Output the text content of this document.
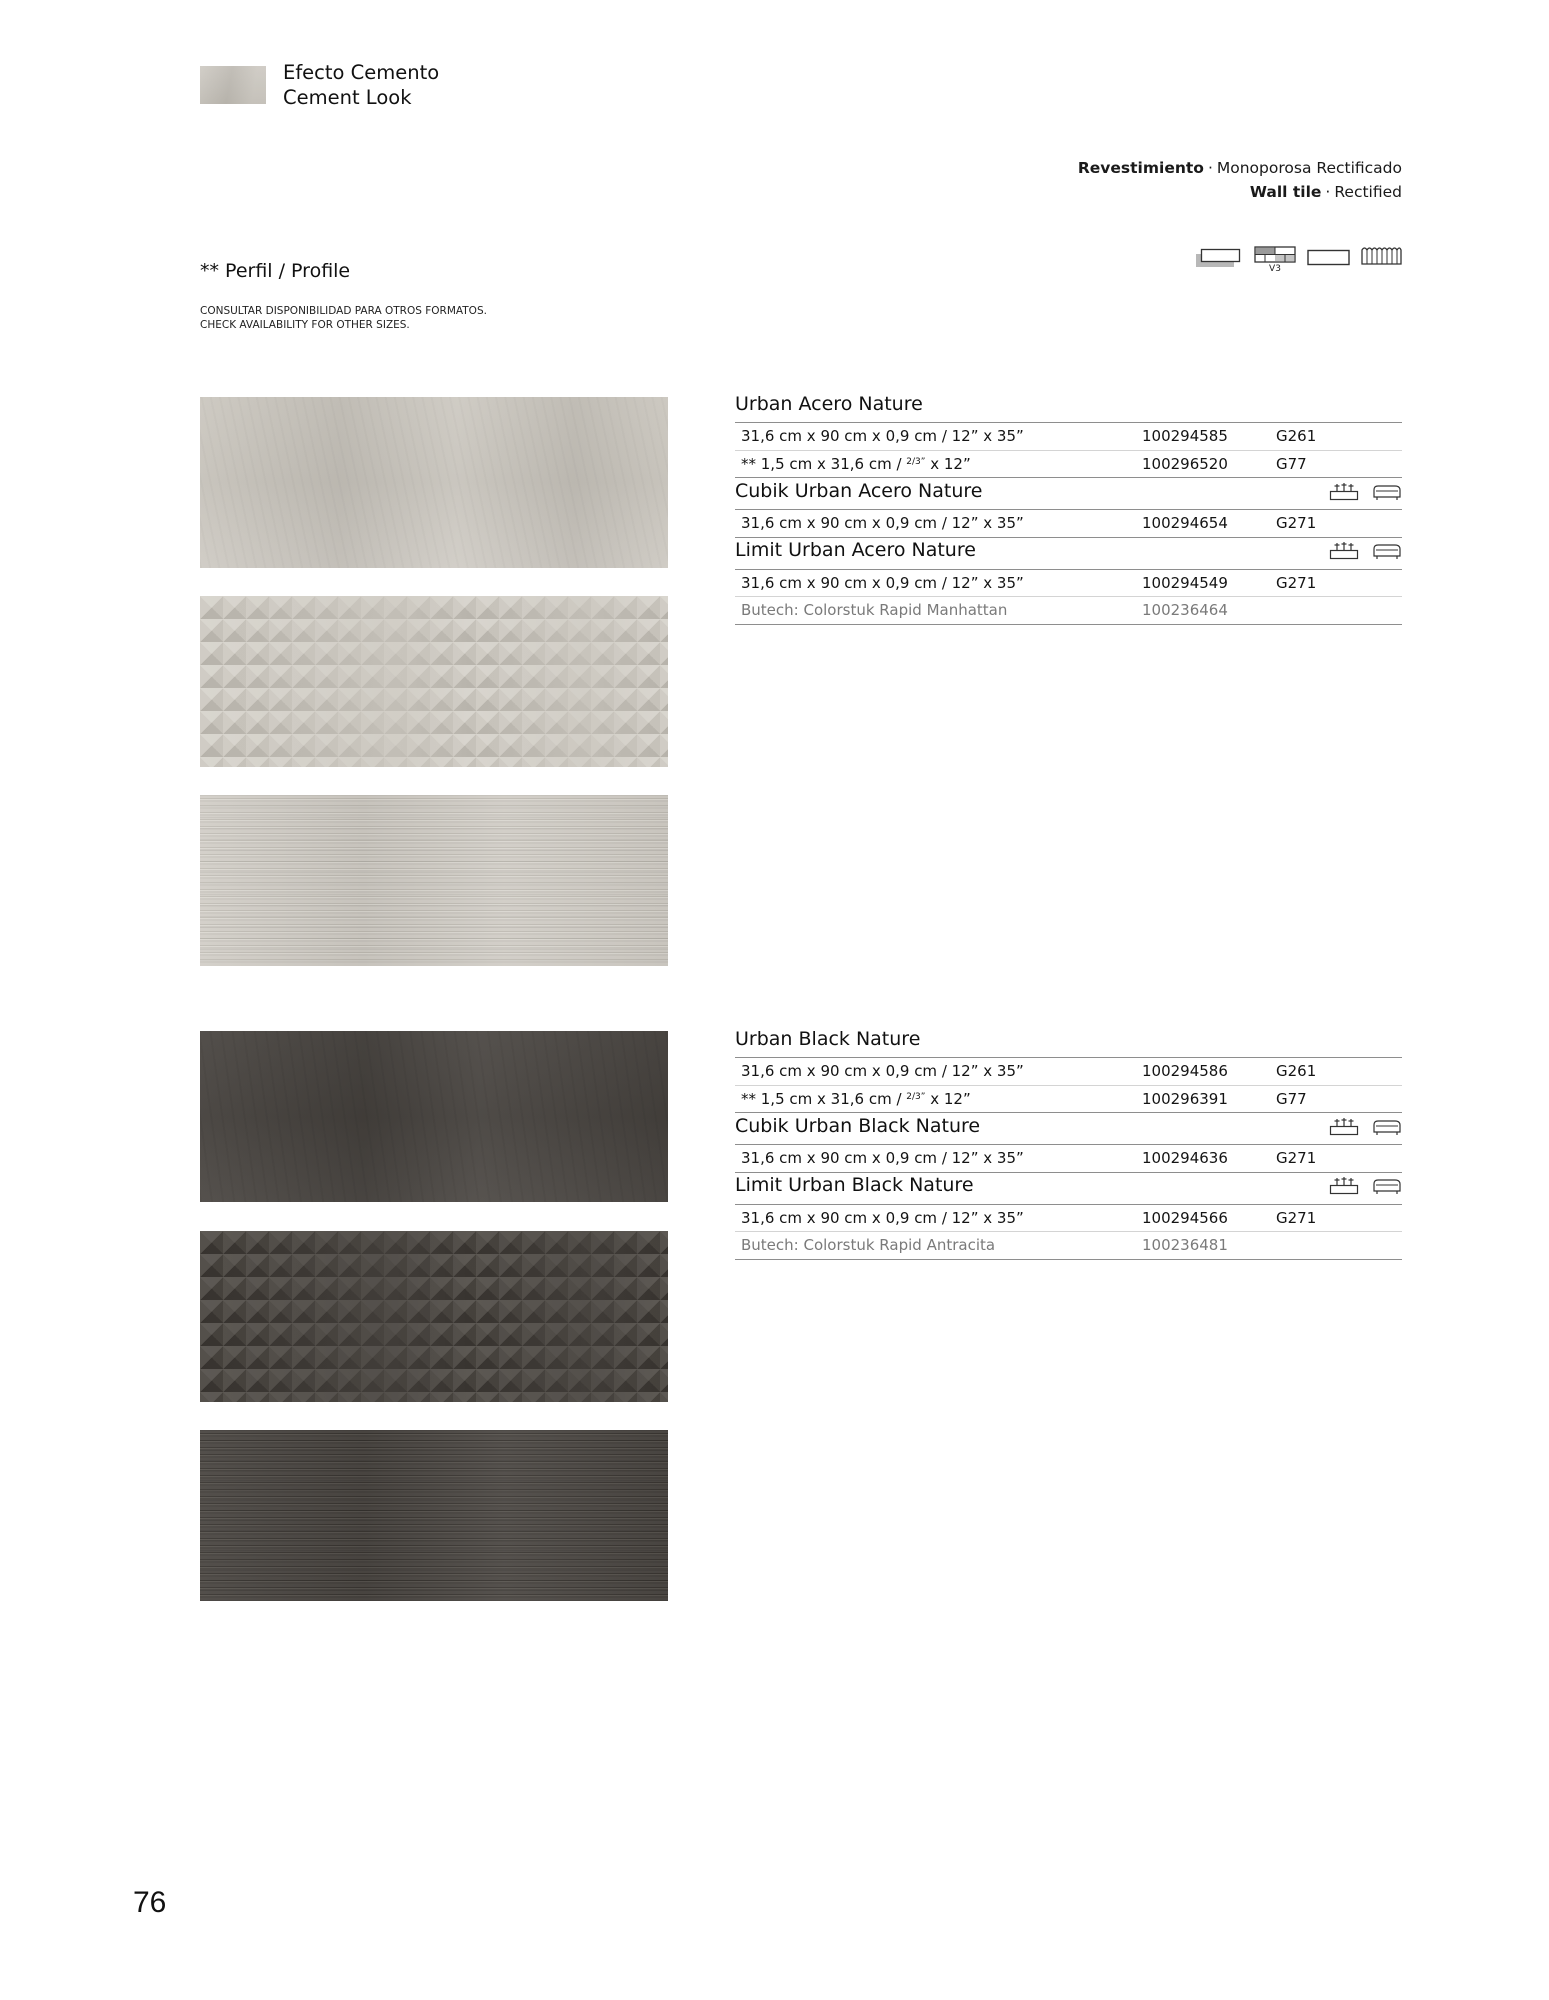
Efecto Cemento
Cement Look
Revestimiento · Monoporosa Rectificado
Wall tile · Rectified
V3
** Perfil / Profile
CONSULTAR DISPONIBILIDAD PARA OTROS FORMATOS.
CHECK AVAILABILITY FOR OTHER SIZES.
Urban Acero Nature
31,6 cm x 90 cm x 0,9 cm / 12” x 35”	100294585	G261
** 1,5 cm x 31,6 cm / $^{2/3”}$ x 12”	100296520	G77
Cubik Urban Acero Nature
31,6 cm x 90 cm x 0,9 cm / 12” x 35”	100294654	G271
Limit Urban Acero Nature
31,6 cm x 90 cm x 0,9 cm / 12” x 35”	100294549	G271
Butech: Colorstuk Rapid Manhattan	100236464
Urban Black Nature
31,6 cm x 90 cm x 0,9 cm / 12” x 35”	100294586	G261
** 1,5 cm x 31,6 cm / $^{2/3”}$ x 12”	100296391	G77
Cubik Urban Black Nature
31,6 cm x 90 cm x 0,9 cm / 12” x 35”	100294636	G271
Limit Urban Black Nature
31,6 cm x 90 cm x 0,9 cm / 12” x 35”	100294566	G271
Butech: Colorstuk Rapid Antracita	100236481
76
